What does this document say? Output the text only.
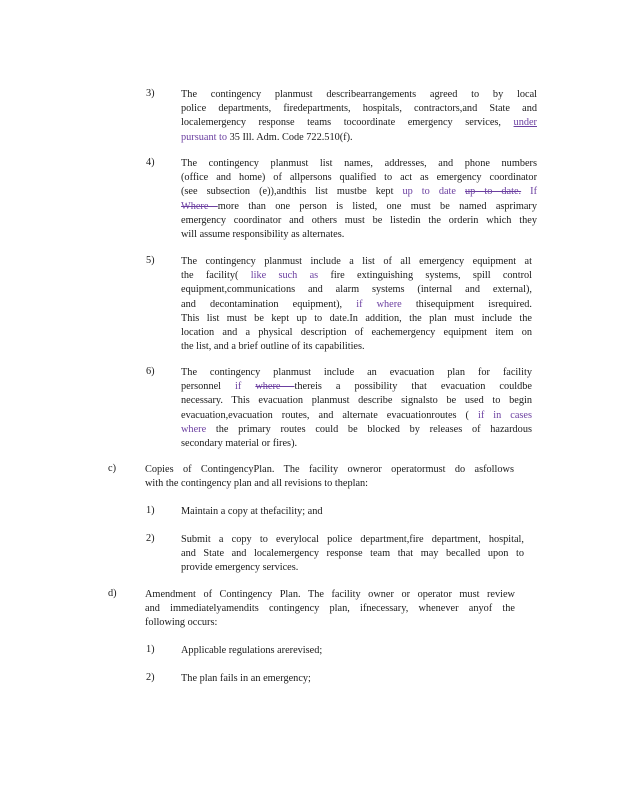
3)	The contingency planmust describearrangements agreed to by local
police departments, firedepartments, hospitals, contractors,and State and
localemergency response teams tocoordinate emergency services, under
pursuant to 35 Ill. Adm. Code 722.510(f).
4)	The contingency planmust list names, addresses, and phone numbers
(office and home) of allpersons qualified to act as emergency coordinator
(see subsection (e)),andthis list mustbe kept up to date up to date. If
Where more than one person is listed, one must be named asprimary
emergency coordinator and others must be listedin the orderin which they
will assume responsibility as alternates.
5)	The contingency planmust include a list of all emergency equipment at
the facility( like such as fire extinguishing systems, spill control
equipment,communications and alarm systems (internal and external),
and decontamination equipment), if where thisequipment isrequired.
This list must be kept up to date.In addition, the plan must include the
location and a physical description of eachemergency equipment item on
the list, and a brief outline of its capabilities.
6)	The contingency planmust include an evacuation plan for facility
personnel if where thereis a possibility that evacuation couldbe
necessary. This evacuation planmust describe signalsto be used to begin
evacuation,evacuation routes, and alternate evacuationroutes ( if in cases
where the primary routes could be blocked by releases of hazardous
secondary material or fires).
c)	Copies of ContingencyPlan. The facility owneror operatormust do asfollows
with the contingency plan and all revisions to theplan:
1)	Maintain a copy at thefacility; and
2)	Submit a copy to everylocal police department,fire department, hospital,
and State and localemergency response team that may becalled upon to
provide emergency services.
d)	Amendment of Contingency Plan. The facility owner or operator must review
and immediatelyamendits contingency plan, ifnecessary, whenever anyof the
following occurs:
1)	Applicable regulations arerevised;
2)	The plan fails in an emergency;
